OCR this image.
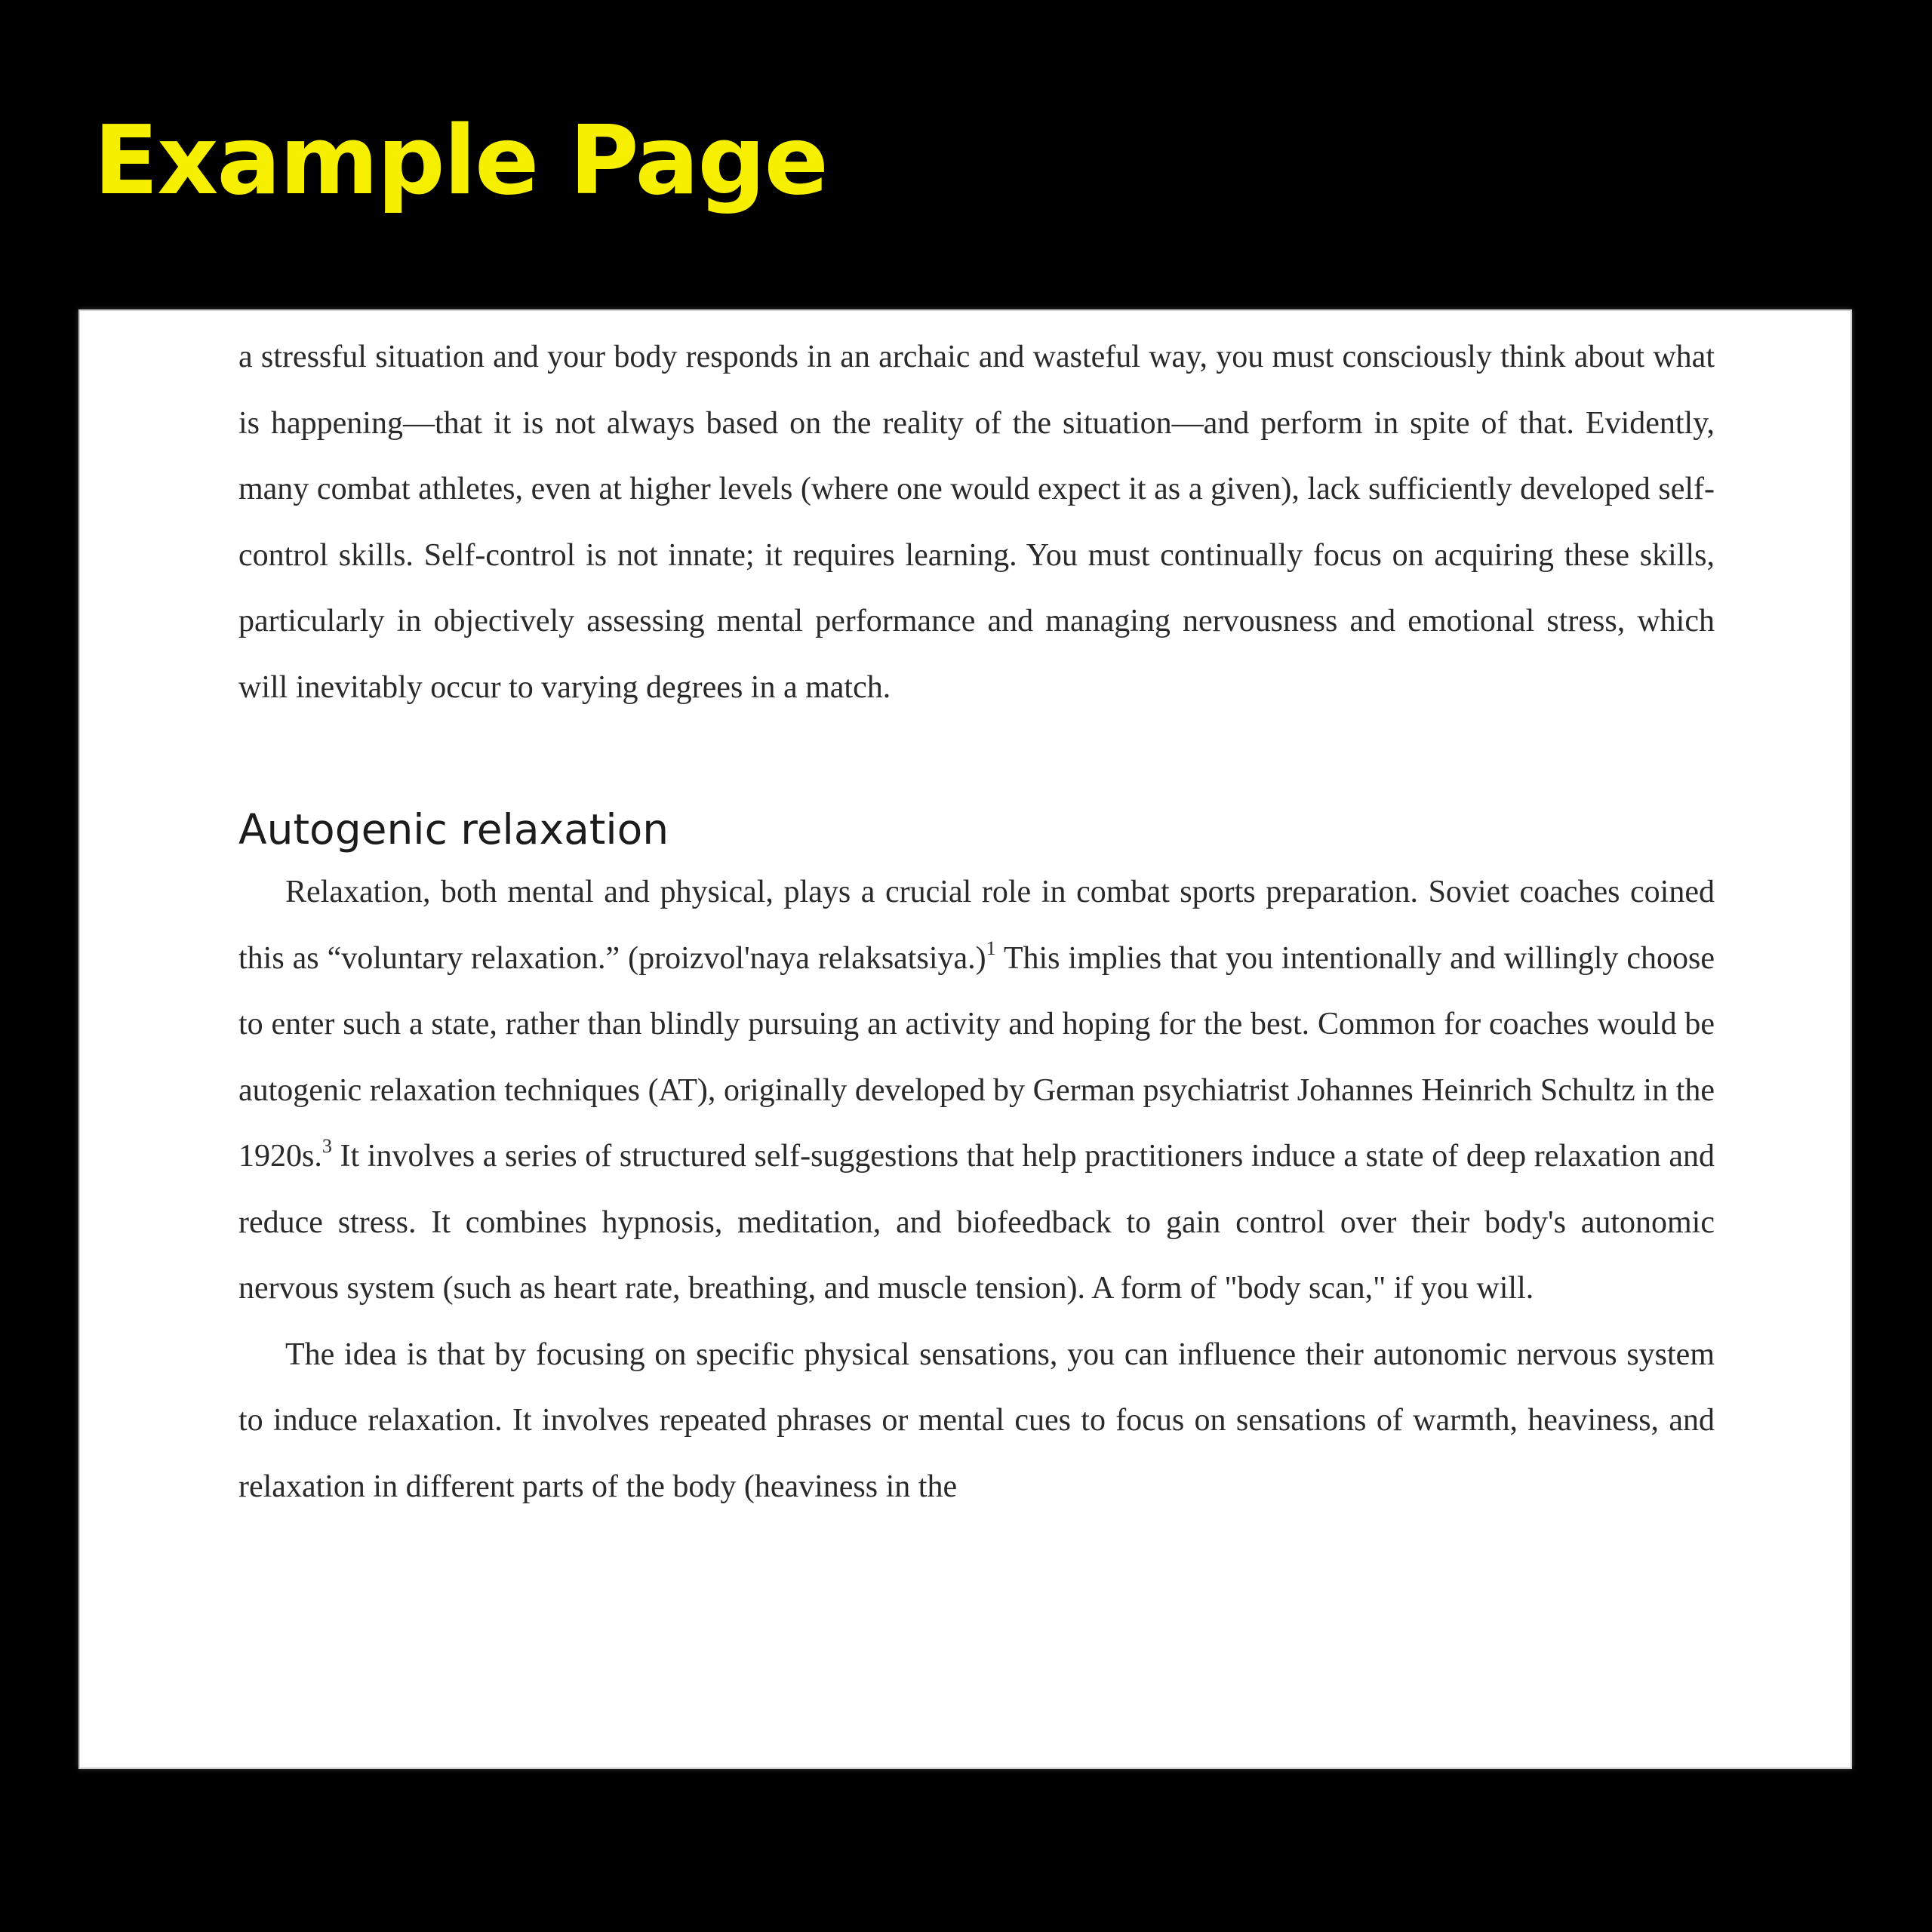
Example Page

a stressful situation and your body responds in an archaic and wasteful way, you must consciously think about what is happening—that it is not always based on the reality of the situation—and perform in spite of that. Evidently, many combat athletes, even at higher levels (where one would expect it as a given), lack sufficiently developed self-control skills. Self-control is not innate; it requires learning. You must continually focus on acquiring these skills, particularly in objectively assessing mental performance and managing nervousness and emotional stress, which will inevitably occur to varying degrees in a match.

Autogenic relaxation

Relaxation, both mental and physical, plays a crucial role in combat sports preparation. Soviet coaches coined this as “voluntary relaxation.” (proizvol'naya relaksatsiya.)$^1$ This implies that you intentionally and willingly choose to enter such a state, rather than blindly pursuing an activity and hoping for the best. Common for coaches would be autogenic relaxation techniques (AT), originally developed by German psychiatrist Johannes Heinrich Schultz in the 1920s.$^3$ It involves a series of structured self-suggestions that help practitioners induce a state of deep relaxation and reduce stress. It combines hypnosis, meditation, and biofeedback to gain control over their body's autonomic nervous system (such as heart rate, breathing, and muscle tension). A form of "body scan," if you will.

The idea is that by focusing on specific physical sensations, you can influence their autonomic nervous system to induce relaxation. It involves repeated phrases or mental cues to focus on sensations of warmth, heaviness, and relaxation in different parts of the body (heaviness in the
